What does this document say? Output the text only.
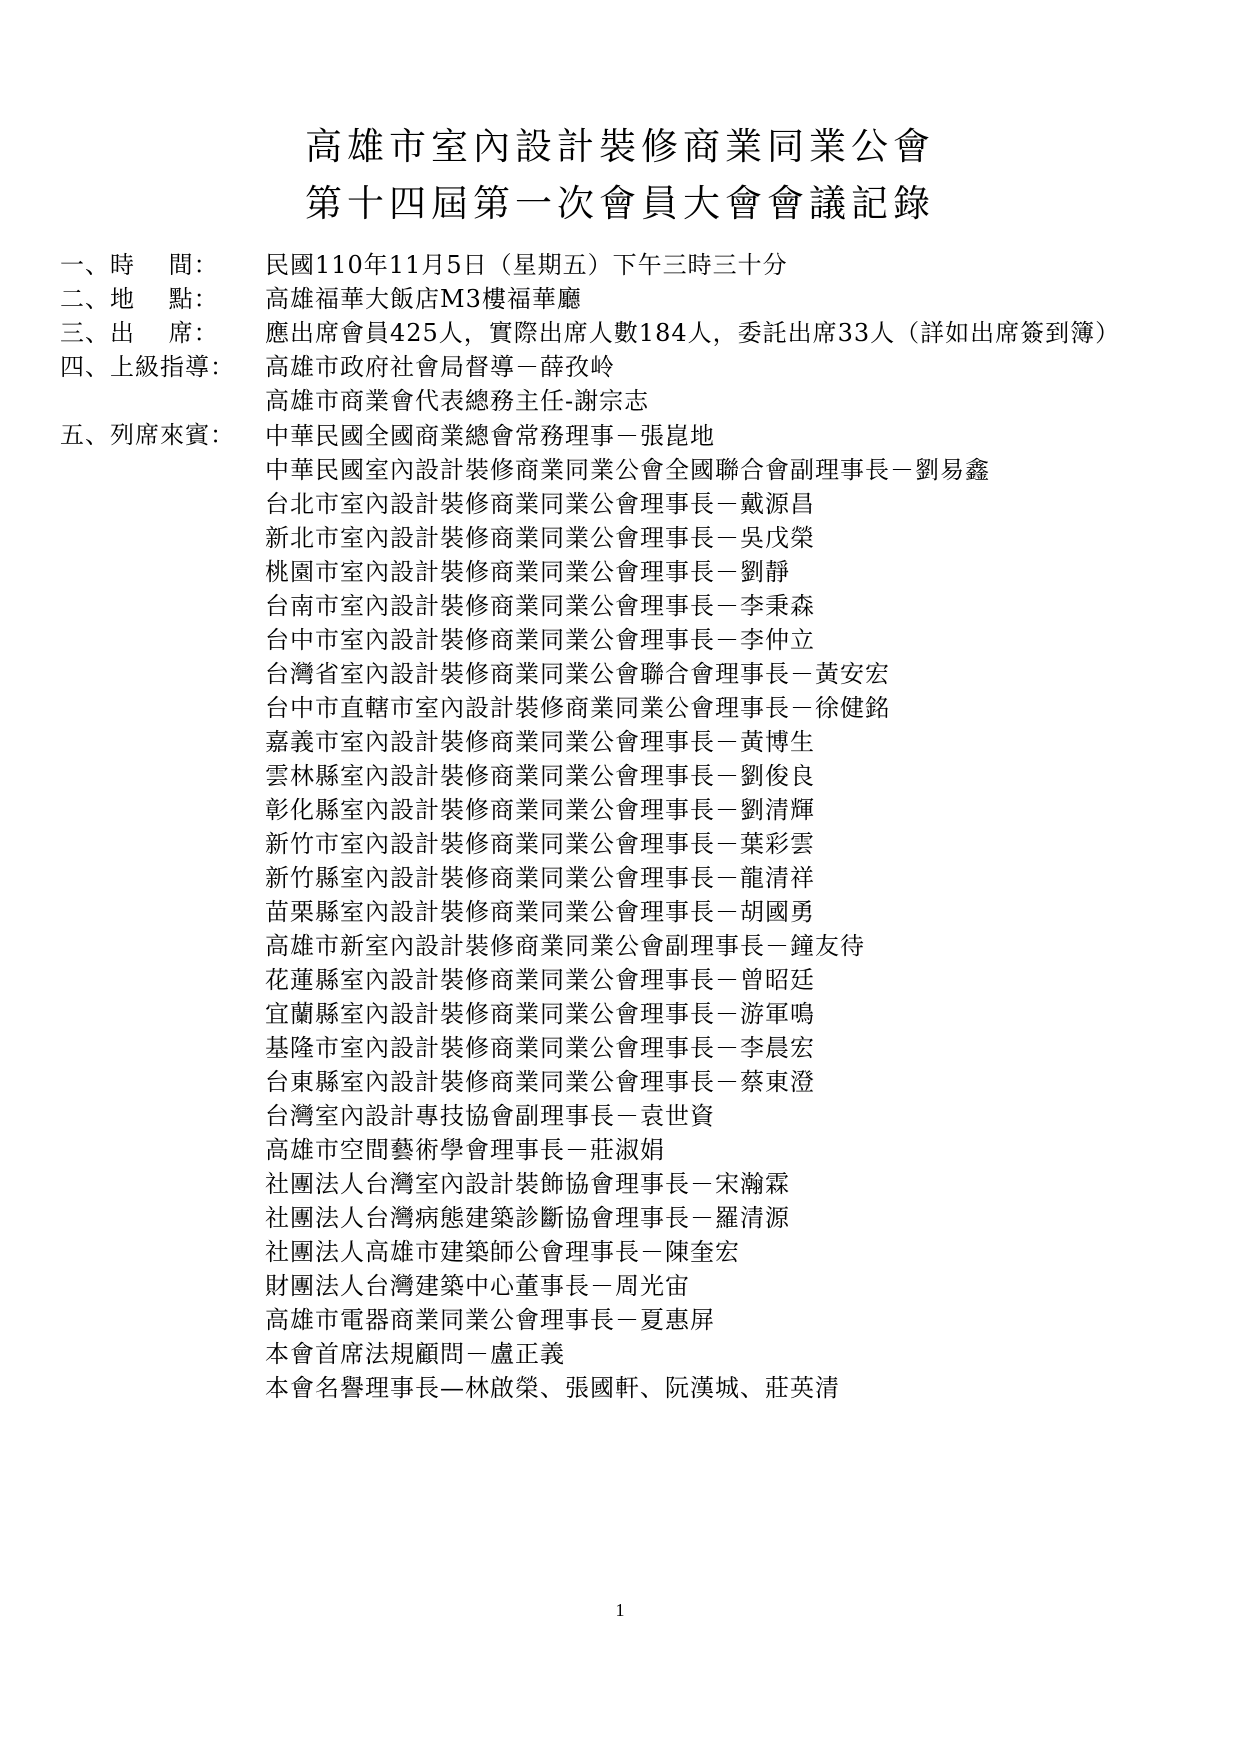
高雄市室內設計裝修商業同業公會
第十四屆第一次會員大會會議記錄
一、時　 間： 民國110年11月5日（星期五）下午三時三十分
二、地　 點： 高雄福華大飯店M3樓福華廳
三、出　 席： 應出席會員425人，實際出席人數184人，委託出席33人（詳如出席簽到簿）
四、上級指導： 高雄市政府社會局督導－薛孜岭
高雄市商業會代表總務主任-謝宗志
五、列席來賓：	中華民國全國商業總會常務理事－張崑地
中華民國室內設計裝修商業同業公會全國聯合會副理事長－劉易鑫
台北市室內設計裝修商業同業公會理事長－戴源昌
新北市室內設計裝修商業同業公會理事長－吳戊榮
桃園市室內設計裝修商業同業公會理事長－劉靜
台南市室內設計裝修商業同業公會理事長－李秉森
台中市室內設計裝修商業同業公會理事長－李仲立
台灣省室內設計裝修商業同業公會聯合會理事長－黃安宏
台中市直轄市室內設計裝修商業同業公會理事長－徐健銘
嘉義市室內設計裝修商業同業公會理事長－黃博生
雲林縣室內設計裝修商業同業公會理事長－劉俊良
彰化縣室內設計裝修商業同業公會理事長－劉清輝
新竹市室內設計裝修商業同業公會理事長－葉彩雲
新竹縣室內設計裝修商業同業公會理事長－龍清祥
苗栗縣室內設計裝修商業同業公會理事長－胡國勇
高雄市新室內設計裝修商業同業公會副理事長－鐘友待
花蓮縣室內設計裝修商業同業公會理事長－曾昭廷
宜蘭縣室內設計裝修商業同業公會理事長－游軍鳴
基隆市室內設計裝修商業同業公會理事長－李晨宏
台東縣室內設計裝修商業同業公會理事長－蔡東澄
台灣室內設計專技協會副理事長－袁世資
高雄市空間藝術學會理事長－莊淑娟
社團法人台灣室內設計裝飾協會理事長－宋瀚霖
社團法人台灣病態建築診斷協會理事長－羅清源
社團法人高雄市建築師公會理事長－陳奎宏
財團法人台灣建築中心董事長－周光宙
高雄市電器商業同業公會理事長－夏惠屏
本會首席法規顧問－盧正義
本會名譽理事長—林啟榮、張國軒、阮漢城、莊英清
1
